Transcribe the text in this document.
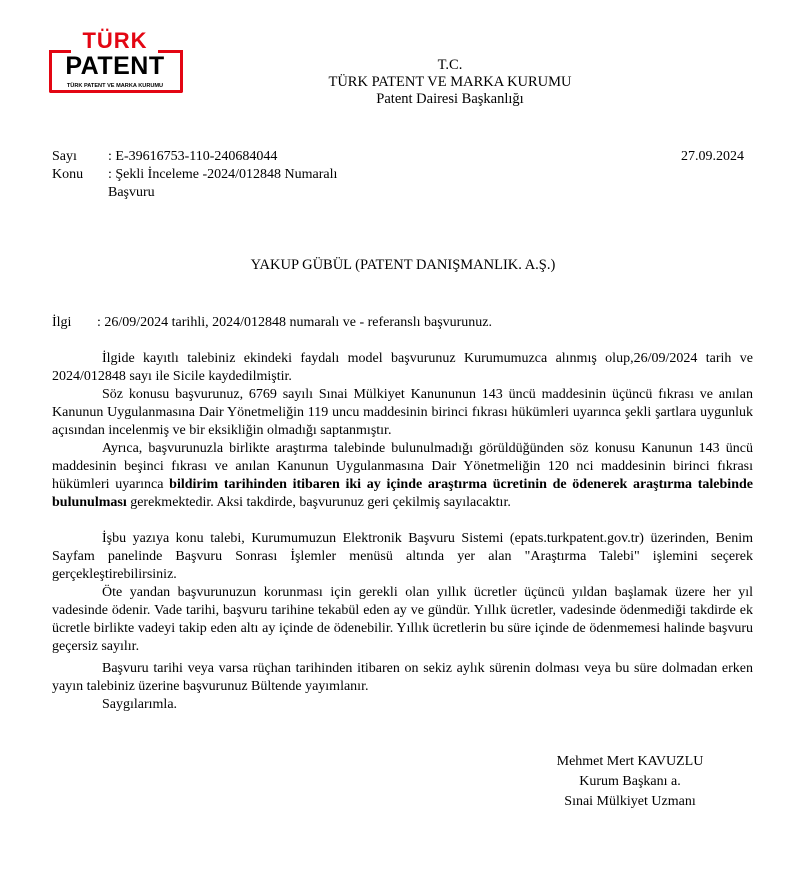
TÜRK
PATENT
TÜRK PATENT VE MARKA KURUMU
T.C.
TÜRK PATENT VE MARKA KURUMU
Patent Dairesi Başkanlığı
Sayı : E-39616753-110-240684044	27.09.2024
Konu : Şekli İnceleme -2024/012848 Numaralı
Başvuru
YAKUP GÜBÜL (PATENT DANIŞMANLIK. A.Ş.)
İlgi : 26/09/2024 tarihli, 2024/012848 numaralı ve - referanslı başvurunuz.
İlgide kayıtlı talebiniz ekindeki faydalı model başvurunuz Kurumumuzca alınmış olup,26/09/2024 tarih ve 2024/012848 sayı ile Sicile kaydedilmiştir.
Söz konusu başvurunuz, 6769 sayılı Sınai Mülkiyet Kanununun 143 üncü maddesinin üçüncü fıkrası ve anılan Kanunun Uygulanmasına Dair Yönetmeliğin 119 uncu maddesinin birinci fıkrası hükümleri uyarınca şekli şartlara uygunluk açısından incelenmiş ve bir eksikliğin olmadığı saptanmıştır.
Ayrıca, başvurunuzla birlikte araştırma talebinde bulunulmadığı görüldüğünden söz konusu Kanunun 143 üncü maddesinin beşinci fıkrası ve anılan Kanunun Uygulanmasına Dair Yönetmeliğin 120 nci maddesinin birinci fıkrası hükümleri uyarınca bildirim tarihinden itibaren iki ay içinde araştırma ücretinin de ödenerek araştırma talebinde bulunulması gerekmektedir. Aksi takdirde, başvurunuz geri çekilmiş sayılacaktır.
İşbu yazıya konu talebi, Kurumumuzun Elektronik Başvuru Sistemi (epats.turkpatent.gov.tr) üzerinden, Benim Sayfam panelinde Başvuru Sonrası İşlemler menüsü altında yer alan "Araştırma Talebi" işlemini seçerek gerçekleştirebilirsiniz.
Öte yandan başvurunuzun korunması için gerekli olan yıllık ücretler üçüncü yıldan başlamak üzere her yıl vadesinde ödenir. Vade tarihi, başvuru tarihine tekabül eden ay ve gündür. Yıllık ücretler, vadesinde ödenmediği takdirde ek ücretle birlikte vadeyi takip eden altı ay içinde de ödenebilir. Yıllık ücretlerin bu süre içinde de ödenmemesi halinde başvuru geçersiz sayılır.
Başvuru tarihi veya varsa rüçhan tarihinden itibaren on sekiz aylık sürenin dolması veya bu süre dolmadan erken yayın talebiniz üzerine başvurunuz Bültende yayımlanır.
Saygılarımla.
Mehmet Mert KAVUZLU
Kurum Başkanı a.
Sınai Mülkiyet Uzmanı
